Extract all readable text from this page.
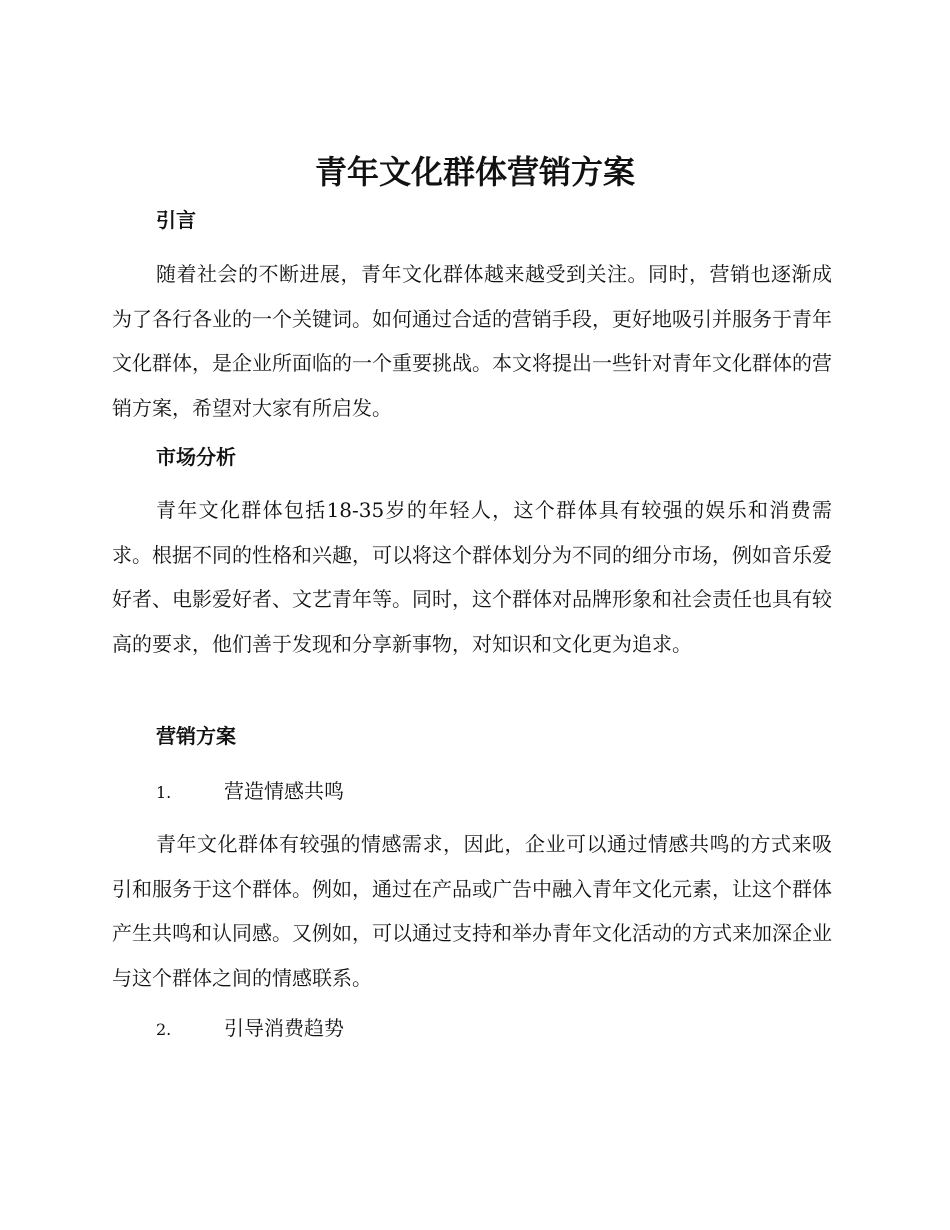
青年文化群体营销方案
引言

随着社会的不断进展，青年文化群体越来越受到关注。同时，营销也逐渐成为了各行各业的一个关键词。如何通过合适的营销手段，更好地吸引并服务于青年文化群体，是企业所面临的一个重要挑战。本文将提出一些针对青年文化群体的营销方案，希望对大家有所启发。

市场分析

青年文化群体包括18-35岁的年轻人，这个群体具有较强的娱乐和消费需求。根据不同的性格和兴趣，可以将这个群体划分为不同的细分市场，例如音乐爱好者、电影爱好者、文艺青年等。同时，这个群体对品牌形象和社会责任也具有较高的要求，他们善于发现和分享新事物，对知识和文化更为追求。

营销方案
1.	营造情感共鸣

青年文化群体有较强的情感需求，因此，企业可以通过情感共鸣的方式来吸引和服务于这个群体。例如，通过在产品或广告中融入青年文化元素，让这个群体产生共鸣和认同感。又例如，可以通过支持和举办青年文化活动的方式来加深企业与这个群体之间的情感联系。

2.	引导消费趋势
